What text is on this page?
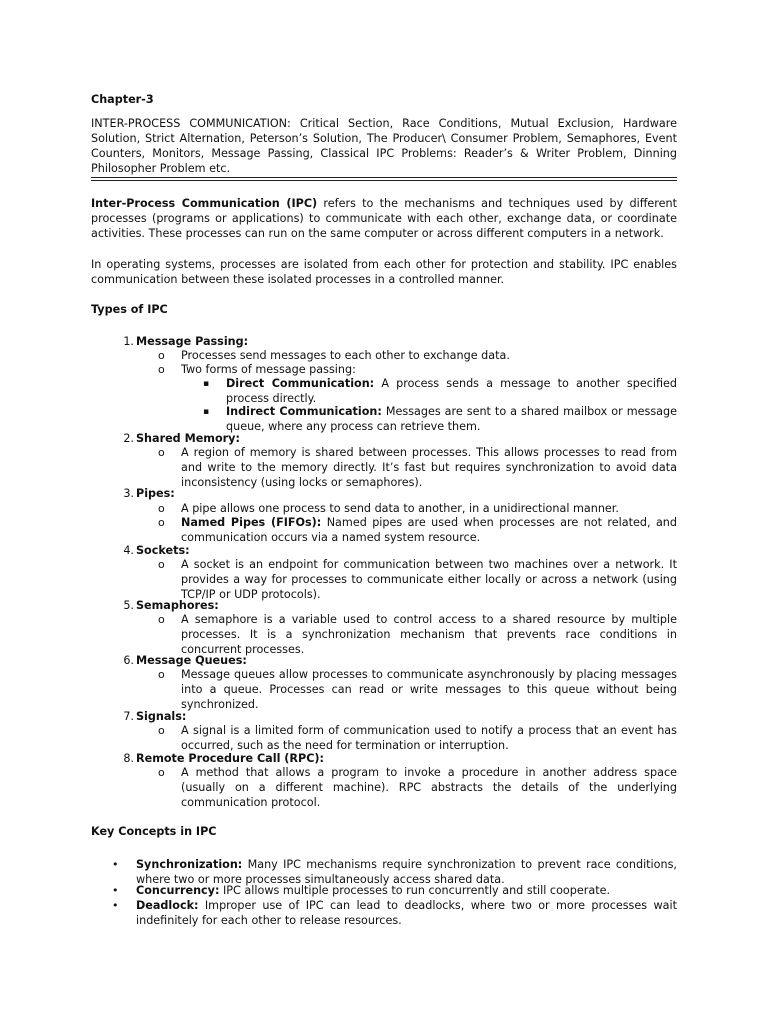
Chapter-3

INTER-PROCESS COMMUNICATION: Critical Section, Race Conditions, Mutual Exclusion, Hardware Solution, Strict Alternation, Peterson’s Solution, The Producer\ Consumer Problem, Semaphores, Event Counters, Monitors, Message Passing, Classical IPC Problems: Reader’s & Writer Problem, Dinning Philosopher Problem etc.

Inter-Process Communication (IPC) refers to the mechanisms and techniques used by different processes (programs or applications) to communicate with each other, exchange data, or coordinate activities. These processes can run on the same computer or across different computers in a network.

In operating systems, processes are isolated from each other for protection and stability. IPC enables communication between these isolated processes in a controlled manner.

Types of IPC
1. Message Passing:
o Processes send messages to each other to exchange data.
o Two forms of message passing:
▪ Direct Communication: A process sends a message to another specified process directly.

▪ Indirect Communication: Messages are sent to a shared mailbox or message queue, where any process can retrieve them.

2. Shared Memory:
o A region of memory is shared between processes. This allows processes to read from and write to the memory directly. It’s fast but requires synchronization to avoid data inconsistency (using locks or semaphores).

3. Pipes:
o A pipe allows one process to send data to another, in a unidirectional manner.
o Named Pipes (FIFOs): Named pipes are used when processes are not related, and communication occurs via a named system resource.

4. Sockets:
o A socket is an endpoint for communication between two machines over a network. It provides a way for processes to communicate either locally or across a network (using TCP/IP or UDP protocols).

5. Semaphores:
o A semaphore is a variable used to control access to a shared resource by multiple processes. It is a synchronization mechanism that prevents race conditions in concurrent processes.

6. Message Queues:
o Message queues allow processes to communicate asynchronously by placing messages into a queue. Processes can read or write messages to this queue without being synchronized.

7. Signals:
o A signal is a limited form of communication used to notify a process that an event has occurred, such as the need for termination or interruption.

8. Remote Procedure Call (RPC):
o A method that allows a program to invoke a procedure in another address space (usually on a different machine). RPC abstracts the details of the underlying communication protocol.

Key Concepts in IPC
• Synchronization: Many IPC mechanisms require synchronization to prevent race conditions, where two or more processes simultaneously access shared data.

• Concurrency: IPC allows multiple processes to run concurrently and still cooperate.

• Deadlock: Improper use of IPC can lead to deadlocks, where two or more processes wait indefinitely for each other to release resources.
